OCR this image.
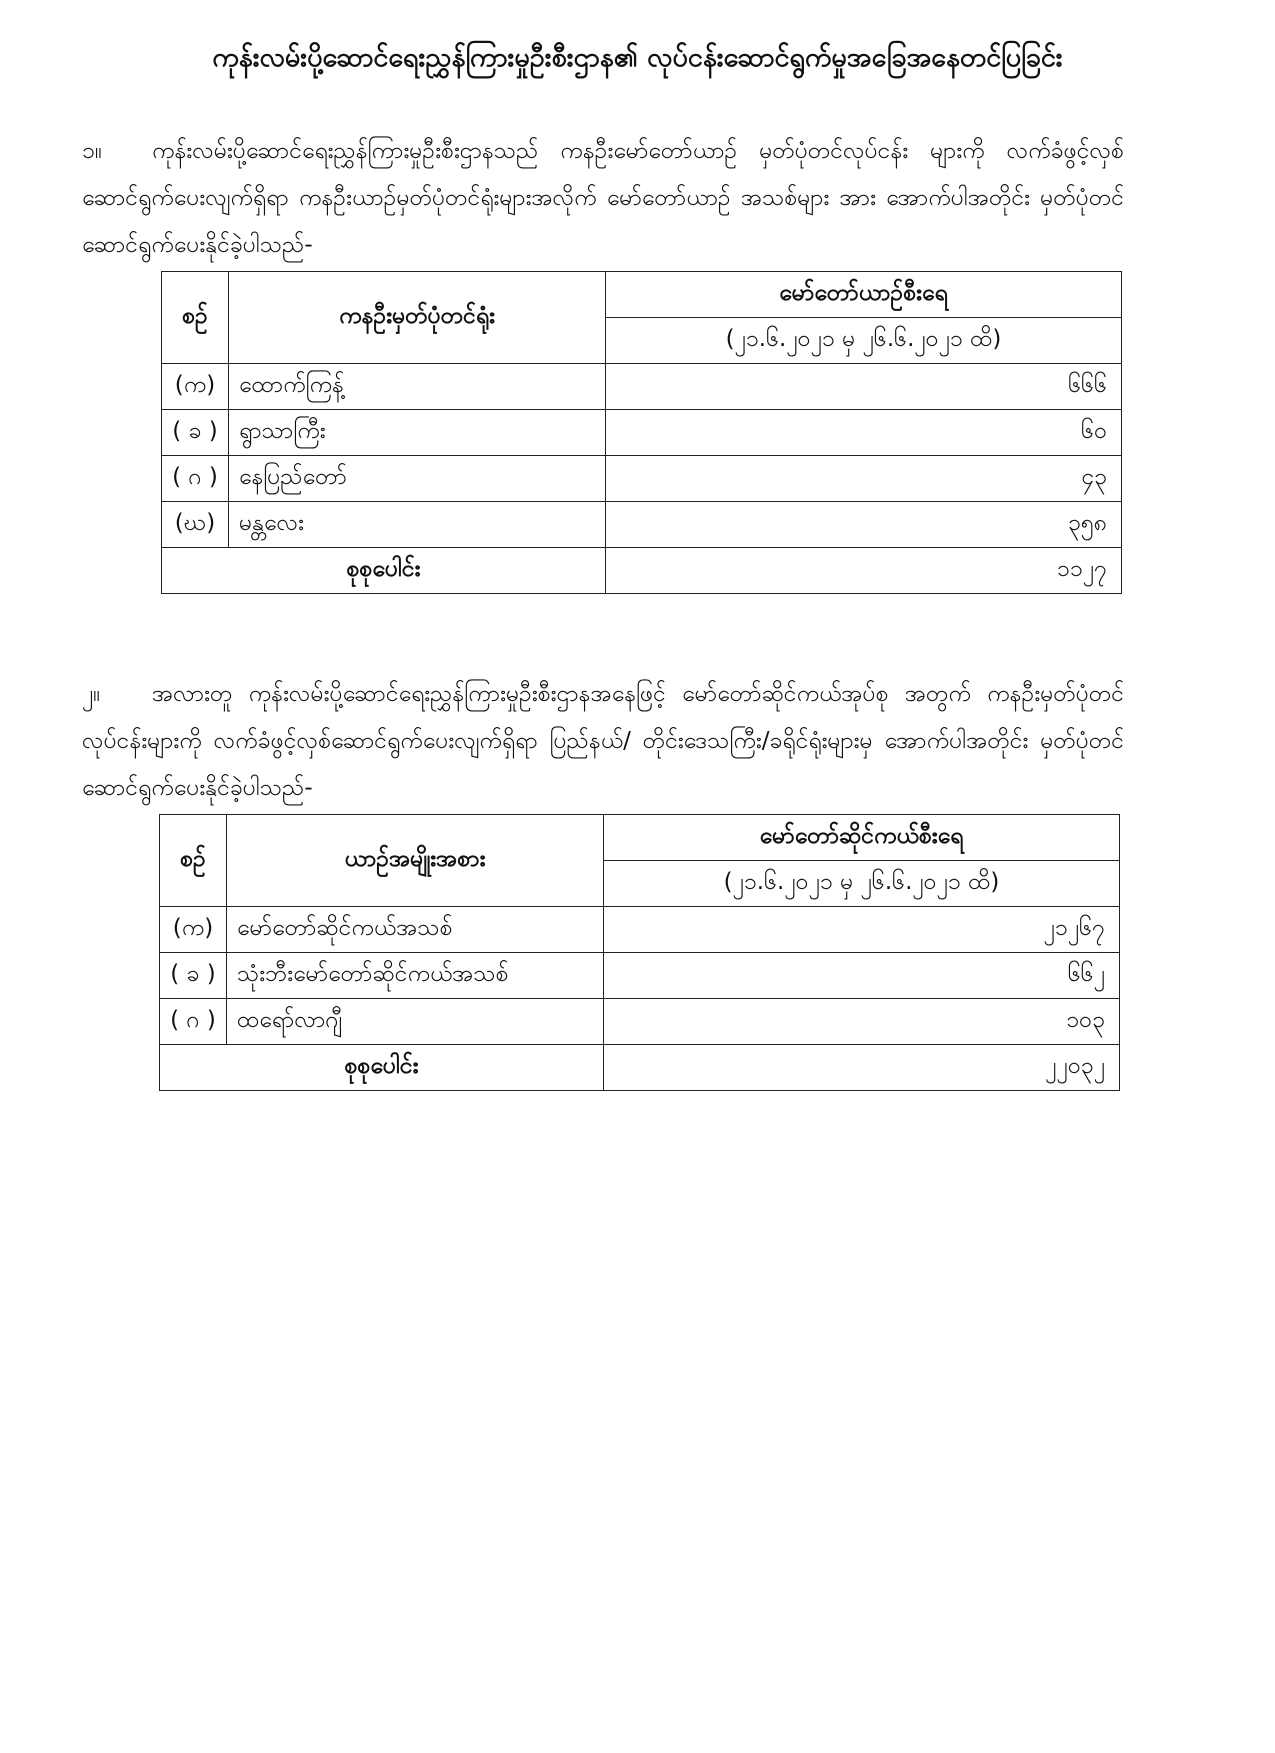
ကုန်းလမ်းပို့ဆောင်ရေးညွှန်ကြားမှုဦးစီးဌာန၏ လုပ်ငန်းဆောင်ရွက်မှုအခြေအနေတင်ပြခြင်း
၁။ ကုန်းလမ်းပို့ဆောင်ရေးညွှန်ကြားမှုဦးစီးဌာနသည် ကနဦးမော်တော်ယာဉ် မှတ်ပုံတင်လုပ်ငန်း များကို လက်ခံဖွင့်လှစ်ဆောင်ရွက်ပေးလျက်ရှိရာ ကနဦးယာဉ်မှတ်ပုံတင်ရုံးများအလိုက် မော်တော်ယာဉ် အသစ်များ အား အောက်ပါအတိုင်း မှတ်ပုံတင်ဆောင်ရွက်ပေးနိုင်ခဲ့ပါသည်-
စဉ်	ကနဦးမှတ်ပုံတင်ရုံး	မော်တော်ယာဉ်စီးရေ
		(၂၁.၆.၂၀၂၁ မှ ၂၆.၆.၂၀၂၁ ထိ)
(က)	ထောက်ကြန့်	၆၆၆
( ခ )	ရွာသာကြီး	၆၀
( ဂ )	နေပြည်တော်	၄၃
(ဃ)	မန္တလေး	၃၅၈
စုစုပေါင်း		၁၁၂၇
၂။ အလားတူ ကုန်းလမ်းပို့ဆောင်ရေးညွှန်ကြားမှုဦးစီးဌာနအနေဖြင့် မော်တော်ဆိုင်ကယ်အုပ်စု အတွက် ကနဦးမှတ်ပုံတင်လုပ်ငန်းများကို လက်ခံဖွင့်လှစ်ဆောင်ရွက်ပေးလျက်ရှိရာ ပြည်နယ်/ တိုင်းဒေသကြီး/ခရိုင်ရုံးများမှ အောက်ပါအတိုင်း မှတ်ပုံတင်ဆောင်ရွက်ပေးနိုင်ခဲ့ပါသည်-
စဉ်	ယာဉ်အမျိုးအစား	မော်တော်ဆိုင်ကယ်စီးရေ
		(၂၁.၆.၂၀၂၁ မှ ၂၆.၆.၂၀၂၁ ထိ)
(က)	မော်တော်ဆိုင်ကယ်အသစ်	၂၁၂၆၇
( ခ )	သုံးဘီးမော်တော်ဆိုင်ကယ်အသစ်	၆၆၂
( ဂ )	ထရော်လာဂျီ	၁၀၃
စုစုပေါင်း		၂၂၀၃၂
